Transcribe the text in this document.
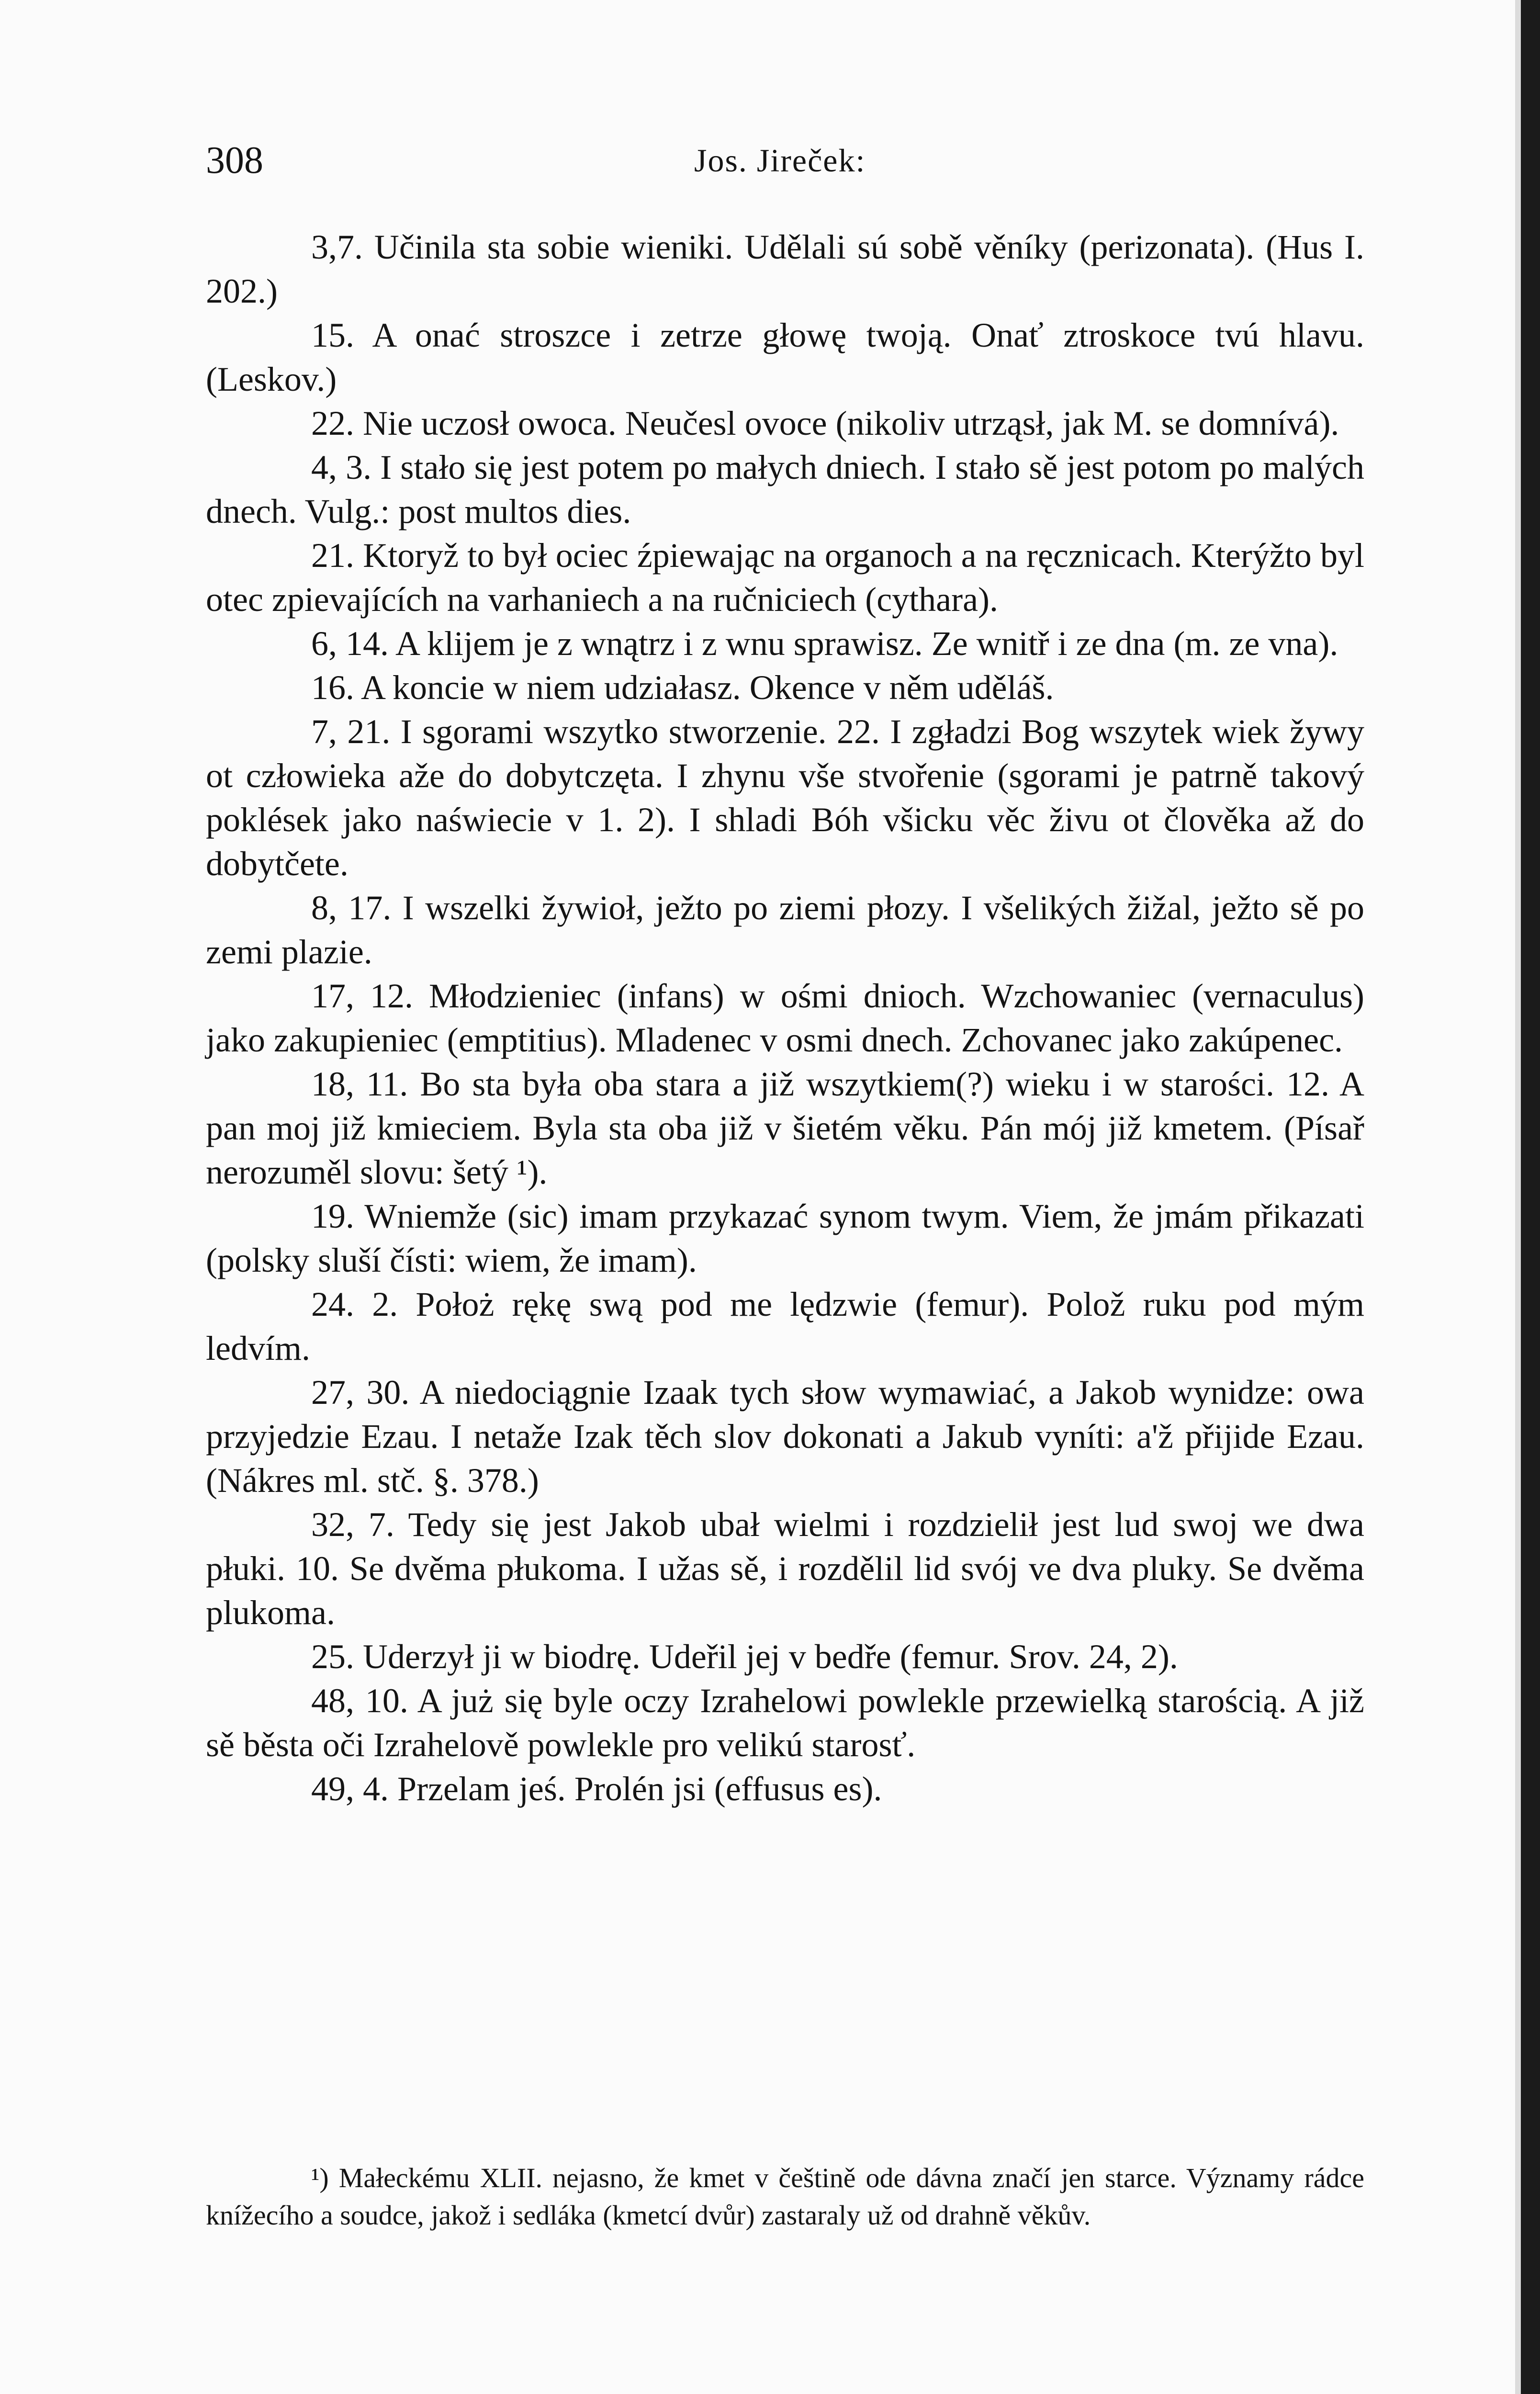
308	Jos. Jireček:

3,7. Učinila sta sobie wieniki. Udělali sú sobě věníky (perizonata). (Hus I. 202.)

15. A onać stroszce i zetrze głowę twoją. Onať ztroskoce tvú hlavu. (Leskov.)

22. Nie uczosł owoca. Neučesl ovoce (nikoliv utrząsł, jak M. se domnívá).

4, 3. I stało się jest potem po małych dniech. I stało sě jest potom po malých dnech. Vulg.: post multos dies.

21. Ktoryž to był ociec źpiewając na organoch a na ręcznicach. Kterýžto byl otec zpievajících na varhaniech a na ručniciech (cythara).

6, 14. A klijem je z wnątrz i z wnu sprawisz. Ze wnitř i ze dna (m. ze vna).

16. A koncie w niem udziałasz. Okence v něm uděláš.

7, 21. I sgorami wszytko stworzenie. 22. I zgładzi Bog wszytek wiek žywy ot człowieka aže do dobytczęta. I zhynu vše stvořenie (sgorami je patrně takový poklések jako naświecie v 1. 2). I shladi Bóh všicku věc živu ot člověka až do dobytčete.

8, 17. I wszelki žywioł, ježto po ziemi płozy. I všelikých žižal, ježto sě po zemi plazie.

17, 12. Młodzieniec (infans) w ośmi dnioch. Wzchowaniec (vernaculus) jako zakupieniec (emptitius). Mladenec v osmi dnech. Zchovanec jako zakúpenec.

18, 11. Bo sta była oba stara a již wszytkiem(?) wieku i w starości. 12. A pan moj již kmieciem. Byla sta oba již v šietém věku. Pán mój již kmetem. (Písař nerozuměl slovu: šetý ¹).

19. Wniemže (sic) imam przykazać synom twym. Viem, že jmám přikazati (polsky sluší čísti: wiem, že imam).

24. 2. Położ rękę swą pod me lędzwie (femur). Polož ruku pod mým ledvím.

27, 30. A niedociągnie Izaak tych słow wymawiać, a Jakob wynidze: owa przyjedzie Ezau. I netaže Izak těch slov dokonati a Jakub vyníti: a'ž přijide Ezau. (Nákres ml. stč. §. 378.)

32, 7. Tedy się jest Jakob ubał wielmi i rozdzielił jest lud swoj we dwa płuki. 10. Se dvěma płukoma. I užas sě, i rozdělil lid svój ve dva pluky. Se dvěma plukoma.

25. Uderzył ji w biodrę. Udeřil jej v bedře (femur. Srov. 24, 2).

48, 10. A już się byle oczy Izrahelowi powlekle przewielką starością. A již sě běsta oči Izrahelově powlekle pro velikú starosť.

49, 4. Przelam jeś. Prolén jsi (effusus es).

¹) Małeckému XLII. nejasno, že kmet v češtině ode dávna značí jen starce. Významy rádce knížecího a soudce, jakož i sedláka (kmetcí dvůr) zastaraly už od drahně věkův.
